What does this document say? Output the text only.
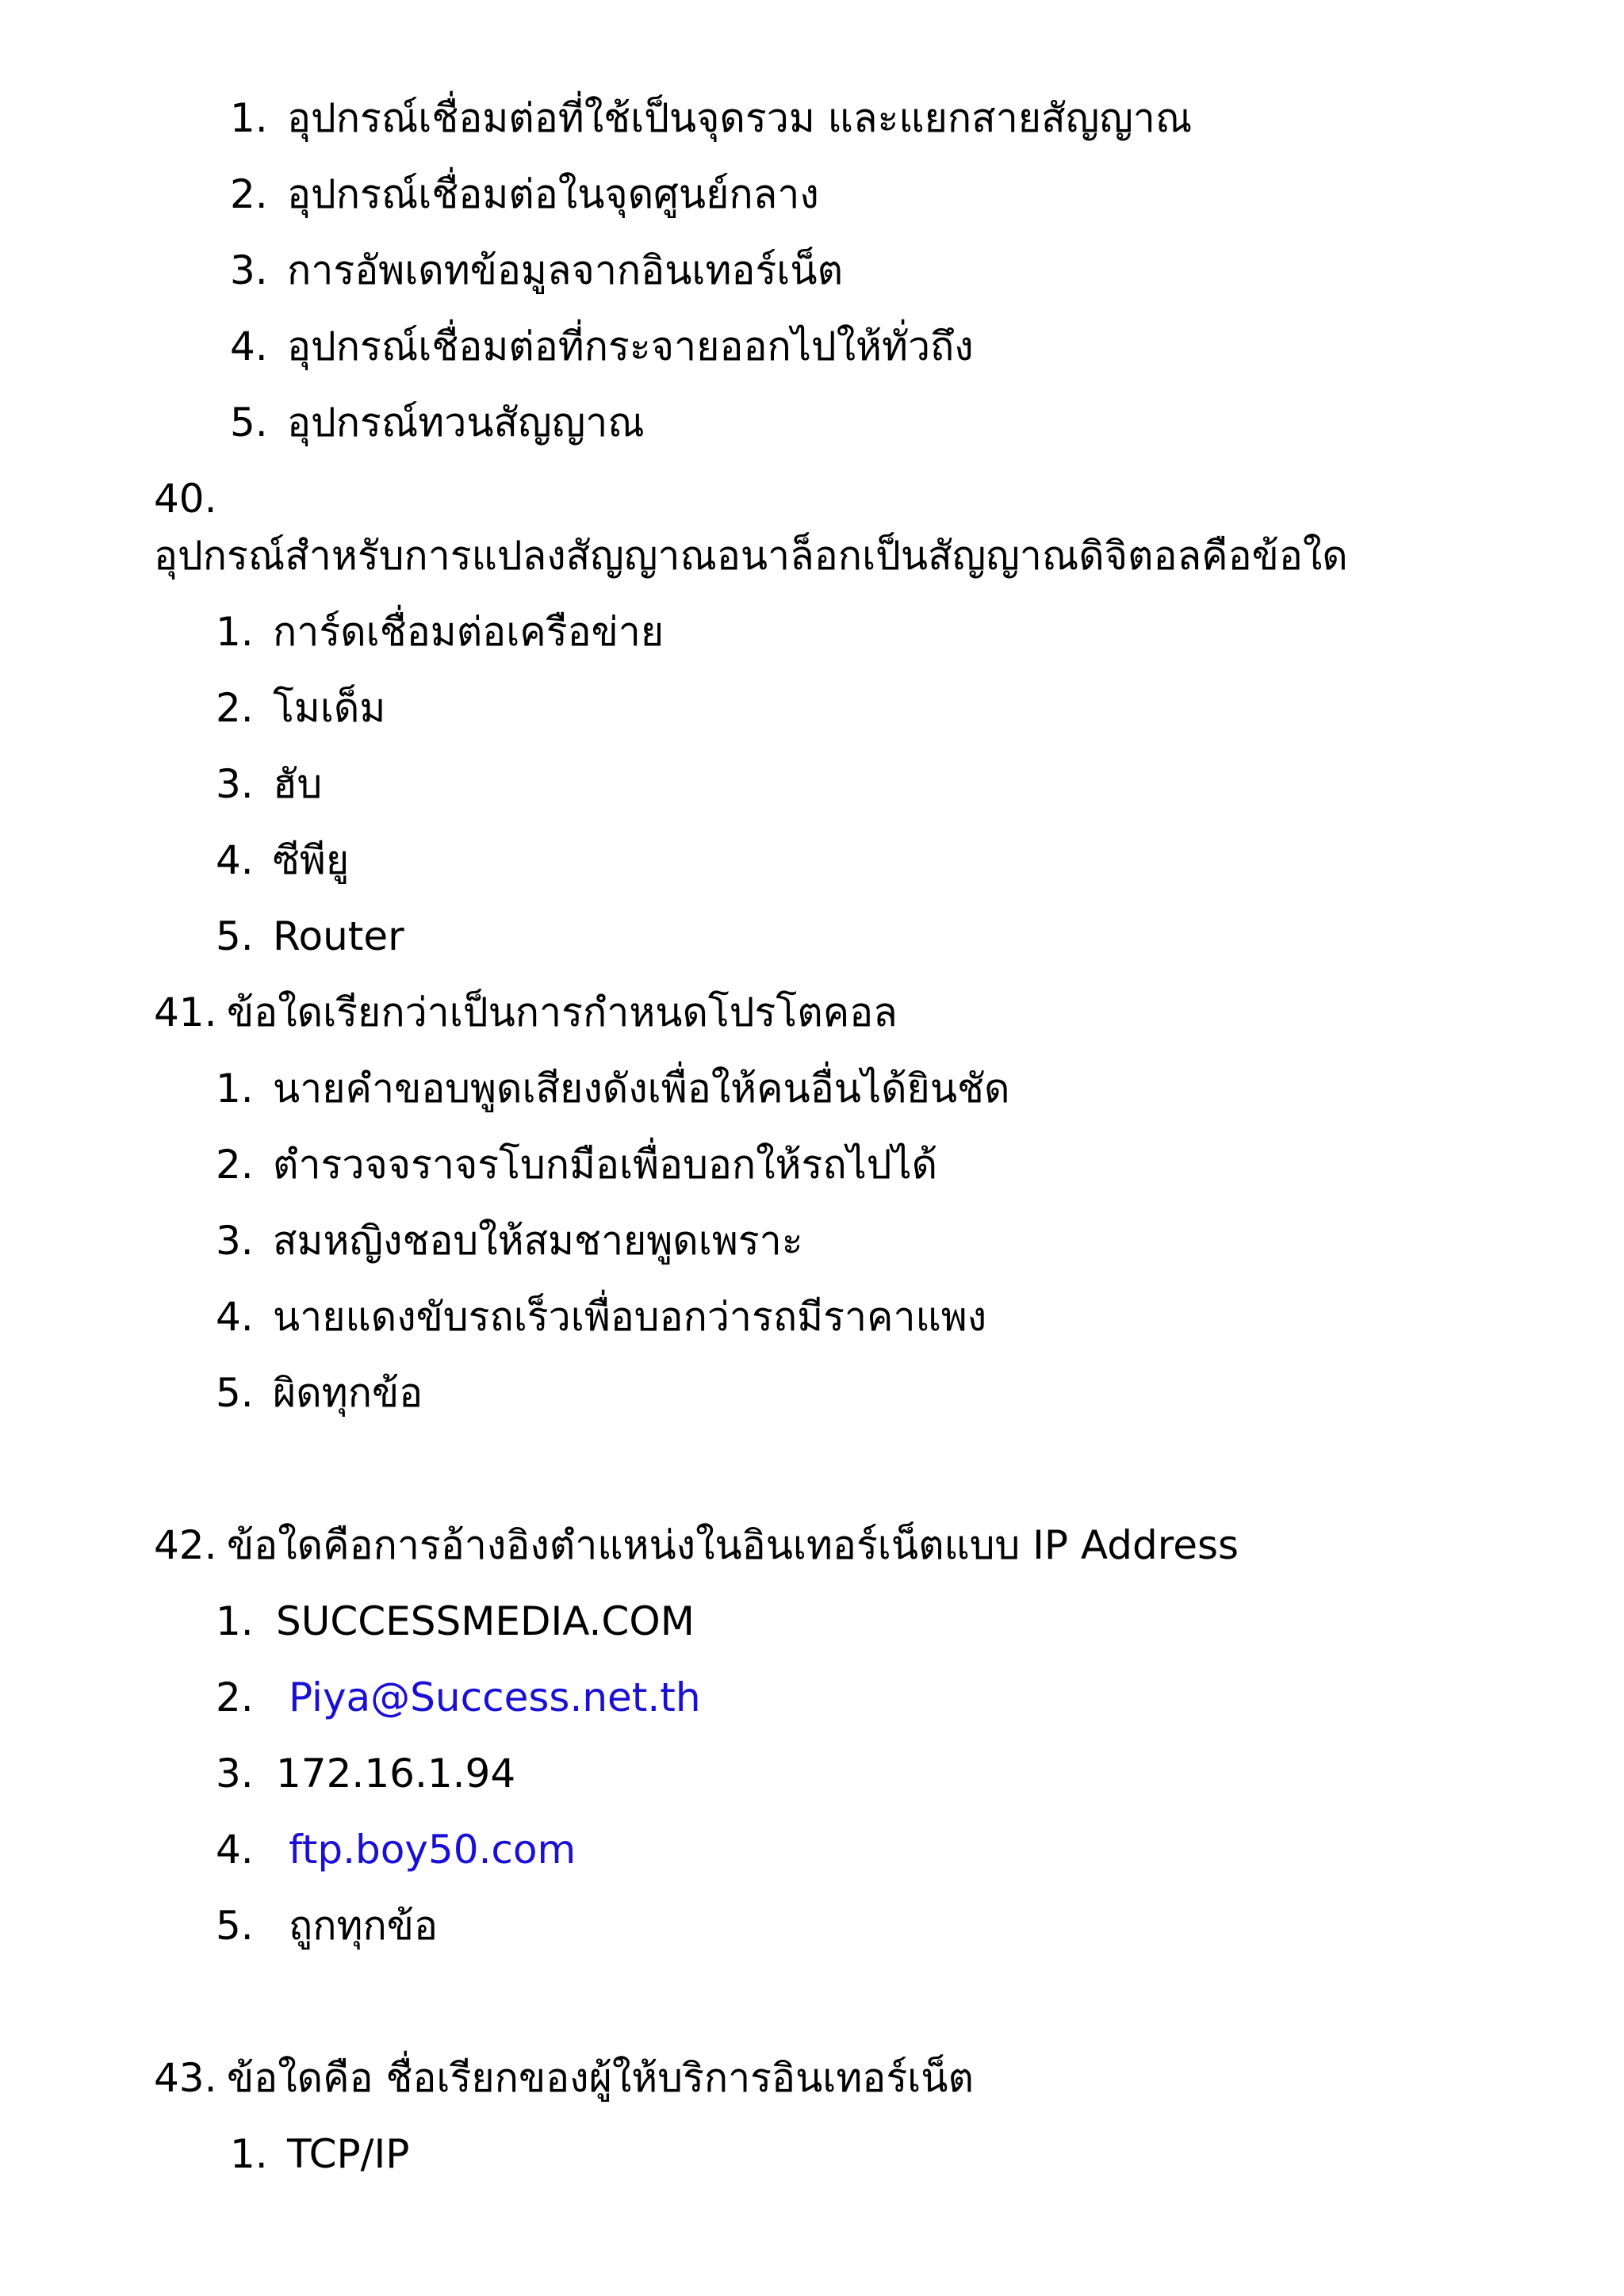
1. อุปกรณ์เชื่อมต่อที่ใช้เป็นจุดรวม และแยกสายสัญญาณ
2. อุปกรณ์เชื่อมต่อในจุดศูนย์กลาง
3. การอัพเดทข้อมูลจากอินเทอร์เน็ต
4. อุปกรณ์เชื่อมต่อที่กระจายออกไปให้ทั่วถึง
5. อุปกรณ์ทวนสัญญาณ
40.
อุปกรณ์สำหรับการแปลงสัญญาณอนาล็อกเป็นสัญญาณดิจิตอลคือข้อใด
1. การ์ดเชื่อมต่อเครือข่าย
2. โมเด็ม
3. ฮับ
4. ซีพียู
5. Router
41. ข้อใดเรียกว่าเป็นการกำหนดโปรโตคอล
1. นายคำขอบพูดเสียงดังเพื่อให้คนอื่นได้ยินชัด
2. ตำรวจจราจรโบกมือเพื่อบอกให้รถไปได้
3. สมหญิงชอบให้สมชายพูดเพราะ
4. นายแดงขับรถเร็วเพื่อบอกว่ารถมีราคาแพง
5. ผิดทุกข้อ
42. ข้อใดคือการอ้างอิงตำแหน่งในอินเทอร์เน็ตแบบ IP Address
1. SUCCESSMEDIA.COM
2. Piya@Success.net.th
3. 172.16.1.94
4. ftp.boy50.com
5. ถูกทุกข้อ
43. ข้อใดคือ ชื่อเรียกของผู้ให้บริการอินเทอร์เน็ต
1. TCP/IP
